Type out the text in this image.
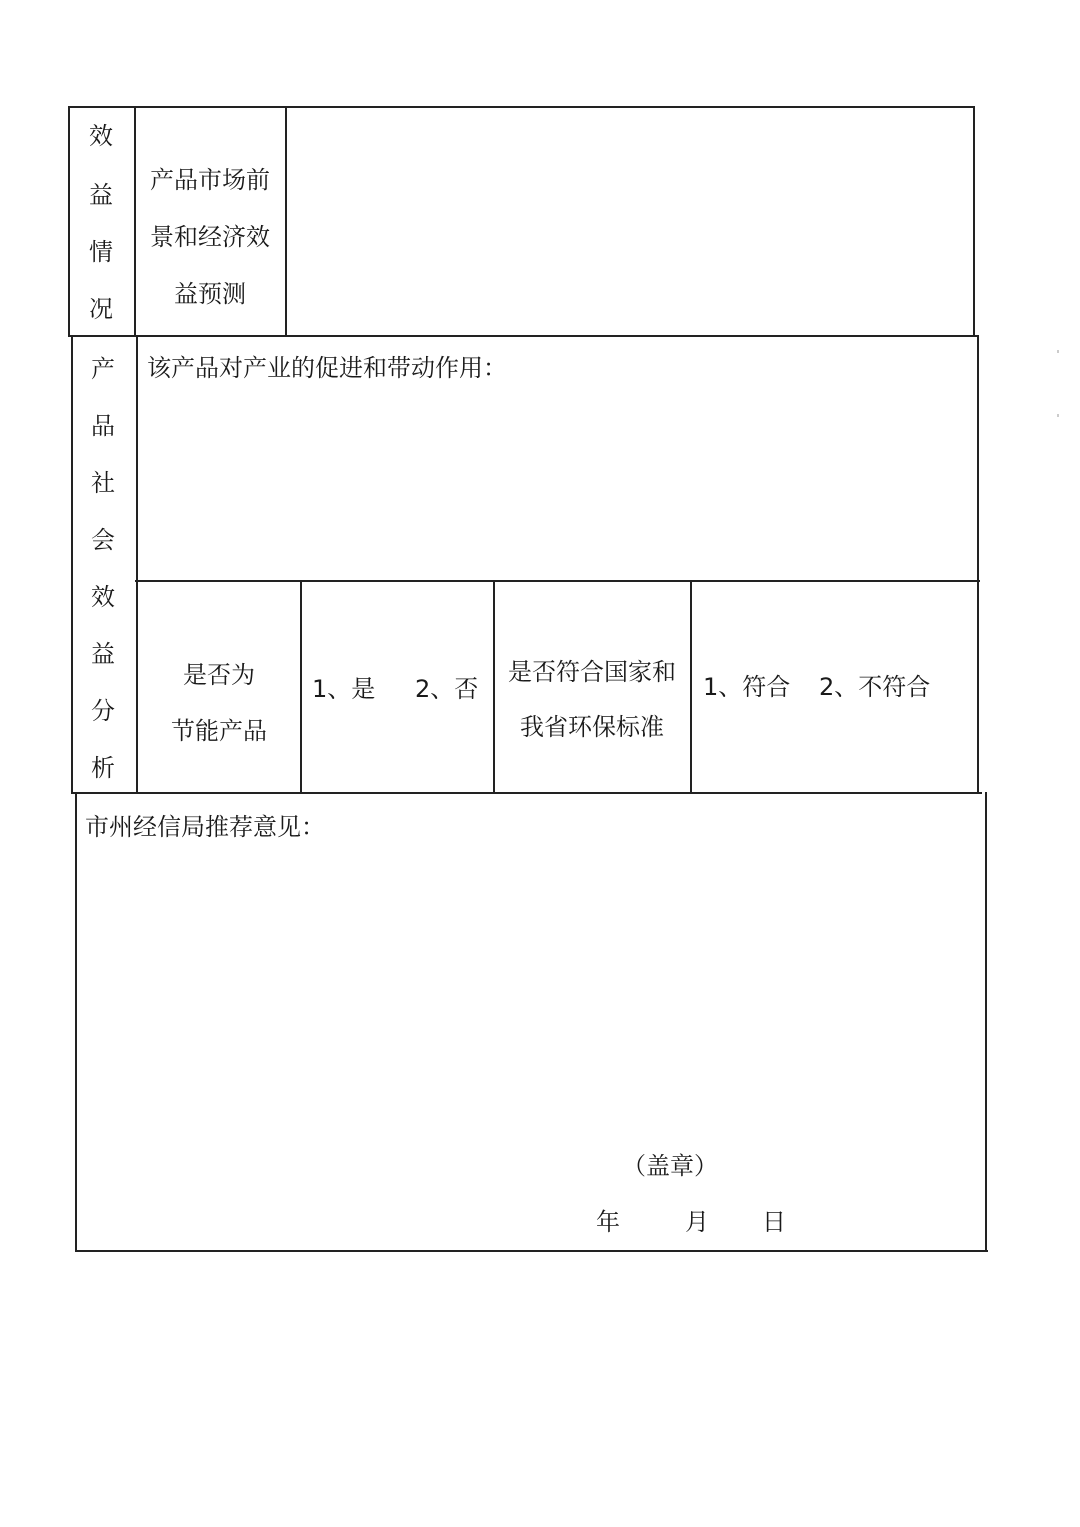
效
益
情
况
产品市场前
景和经济效
益预测
产
品
社
会
效
益
分
析
该产品对产业的促进和带动作用：
是否为
节能产品
1、是 2、否
是否符合国家和
我省环保标准
1、符合 2、不符合
市州经信局推荐意见：
（盖章）
年	月 日
